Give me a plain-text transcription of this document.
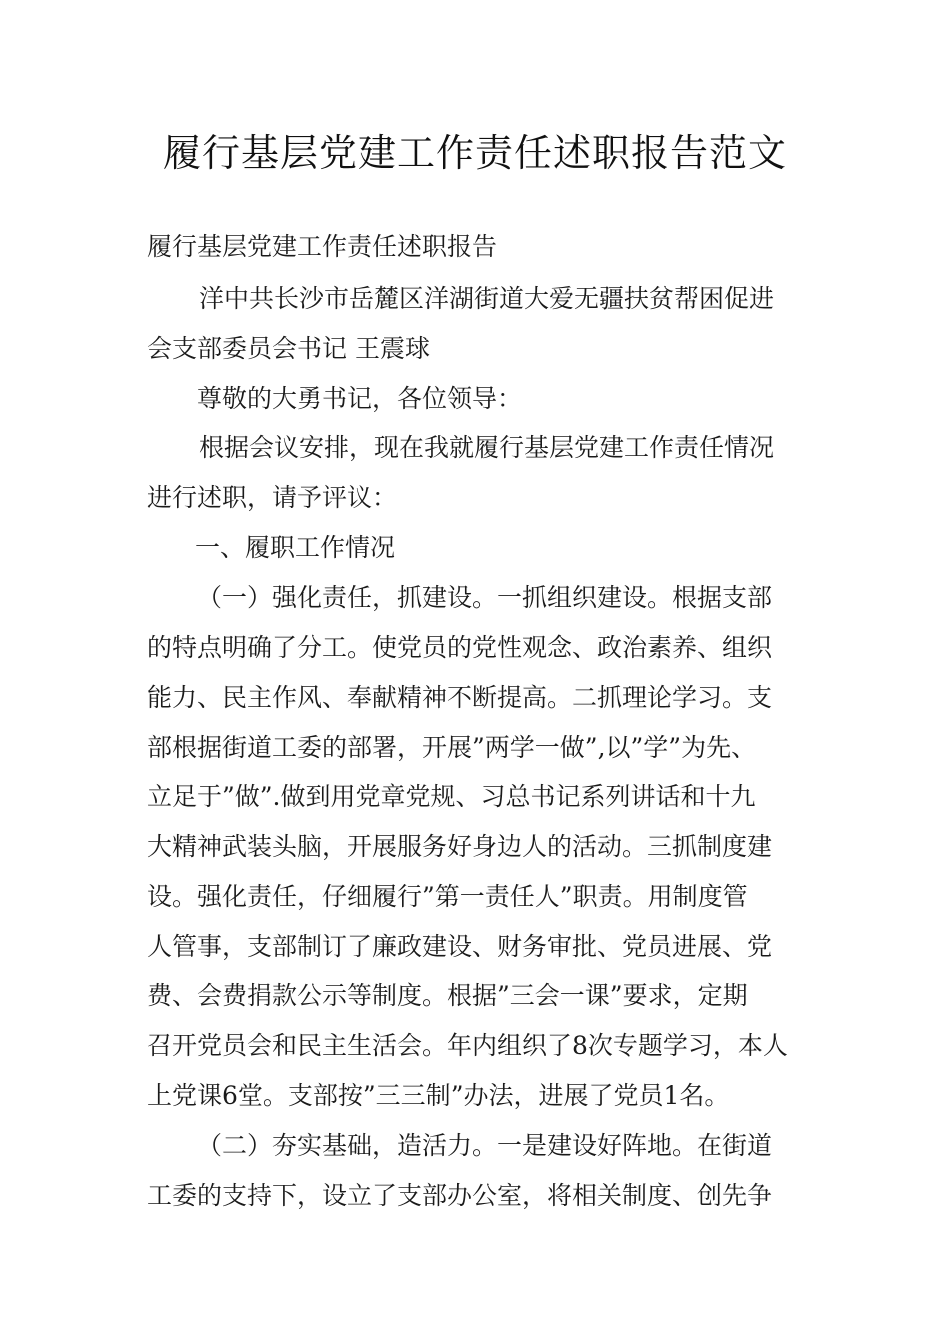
履行基层党建工作责任述职报告范文

履行基层党建工作责任述职报告

洋中共长沙市岳麓区洋湖街道大爱无疆扶贫帮困促进

会支部委员会书记 王震球

尊敬的大勇书记，各位领导：

根据会议安排，现在我就履行基层党建工作责任情况

进行述职，请予评议：

一、履职工作情况

（一）强化责任，抓建设。一抓组织建设。根据支部

的特点明确了分工。使党员的党性观念、政治素养、组织

能力、民主作风、奉献精神不断提高。二抓理论学习。支

部根据街道工委的部署，开展”两学一做”,以”学”为先、

立足于”做”.做到用党章党规、习总书记系列讲话和十九

大精神武装头脑，开展服务好身边人的活动。三抓制度建

设。强化责任，仔细履行”第一责任人”职责。用制度管

人管事，支部制订了廉政建设、财务审批、党员进展、党

费、会费捐款公示等制度。根据”三会一课”要求，定期

召开党员会和民主生活会。年内组织了8次专题学习，本人

上党课6堂。支部按”三三制”办法，进展了党员1名。

（二）夯实基础，造活力。一是建设好阵地。在街道

工委的支持下，设立了支部办公室，将相关制度、创先争
